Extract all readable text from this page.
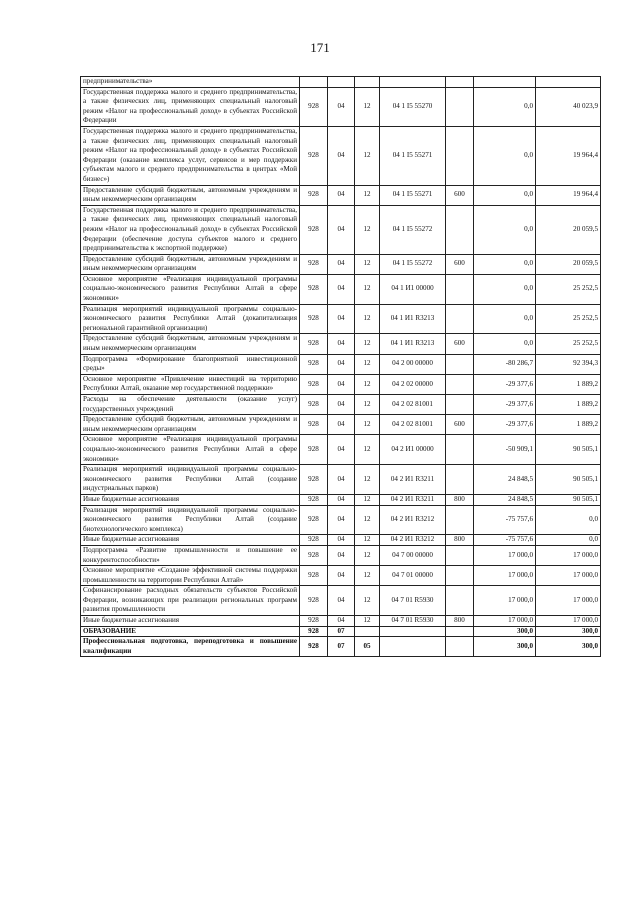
171
предпринимательства»							
Государственная поддержка малого и среднего предпринимательства, а также физических лиц, применяющих специальный налоговый режим «Налог на профессиональный доход» в субъектах Российской Федерации	928	04	12	04 1 I5 55270		0,0	40 023,9
Государственная поддержка малого и среднего предпринимательства, а также физических лиц, применяющих специальный налоговый режим «Налог на профессиональный доход» в субъектах Российской Федерации (оказание комплекса услуг, сервисов и мер поддержки субъектам малого и среднего предпринимательства в центрах «Мой бизнес»)	928	04	12	04 1 I5 55271		0,0	19 964,4
Предоставление субсидий бюджетным, автономным учреждениям и иным некоммерческим организациям	928	04	12	04 1 I5 55271	600	0,0	19 964,4
Государственная поддержка малого и среднего предпринимательства, а также физических лиц, применяющих специальный налоговый режим «Налог на профессиональный доход» в субъектах Российской Федерации (обеспечение доступа субъектов малого и среднего предпринимательства к экспортной поддержке)	928	04	12	04 1 I5 55272		0,0	20 059,5
Предоставление субсидий бюджетным, автономным учреждениям и иным некоммерческим организациям	928	04	12	04 1 I5 55272	600	0,0	20 059,5
Основное мероприятие «Реализация индивидуальной программы социально-экономического развития Республики Алтай в сфере экономики»	928	04	12	04 1 И1 00000		0,0	25 252,5
Реализация мероприятий индивидуальной программы социально-экономического развития Республики Алтай (докапитализация региональной гарантийной организации)	928	04	12	04 1 И1 R3213		0,0	25 252,5
Предоставление субсидий бюджетным, автономным учреждениям и иным некоммерческим организациям	928	04	12	04 1 И1 R3213	600	0,0	25 252,5
Подпрограмма «Формирование благоприятной инвестиционной среды»	928	04	12	04 2 00 00000		-80 286,7	92 394,3
Основное мероприятие «Привлечение инвестиций на территорию Республики Алтай, оказание мер государственной поддержки»	928	04	12	04 2 02 00000		-29 377,6	1 889,2
Расходы на обеспечение деятельности (оказание услуг) государственных учреждений	928	04	12	04 2 02 81001		-29 377,6	1 889,2
Предоставление субсидий бюджетным, автономным учреждениям и иным некоммерческим организациям	928	04	12	04 2 02 81001	600	-29 377,6	1 889,2
Основное мероприятие «Реализация индивидуальной программы социально-экономического развития Республики Алтай в сфере экономики»	928	04	12	04 2 И1 00000		-50 909,1	90 505,1
Реализация мероприятий индивидуальной программы социально-экономического развития Республики Алтай (создание индустриальных парков)	928	04	12	04 2 И1 R3211		24 848,5	90 505,1
Иные бюджетные ассигнования	928	04	12	04 2 И1 R3211	800	24 848,5	90 505,1
Реализация мероприятий индивидуальной программы социально-экономического развития Республики Алтай (создание биотехнологического комплекса)	928	04	12	04 2 И1 R3212		-75 757,6	0,0
Иные бюджетные ассигнования	928	04	12	04 2 И1 R3212	800	-75 757,6	0,0
Подпрограмма «Развитие промышленности и повышение ее конкурентоспособности»	928	04	12	04 7 00 00000		17 000,0	17 000,0
Основное мероприятие «Создание эффективной системы поддержки промышленности на территории Республики Алтай»	928	04	12	04 7 01 00000		17 000,0	17 000,0
Софинансирование расходных обязательств субъектов Российской Федерации, возникающих при реализации региональных программ развития промышленности	928	04	12	04 7 01 R5930		17 000,0	17 000,0
Иные бюджетные ассигнования	928	04	12	04 7 01 R5930	800	17 000,0	17 000,0
ОБРАЗОВАНИЕ	928	07				300,0	300,0
Профессиональная подготовка, переподготовка и повышение квалификации	928	07	05			300,0	300,0
